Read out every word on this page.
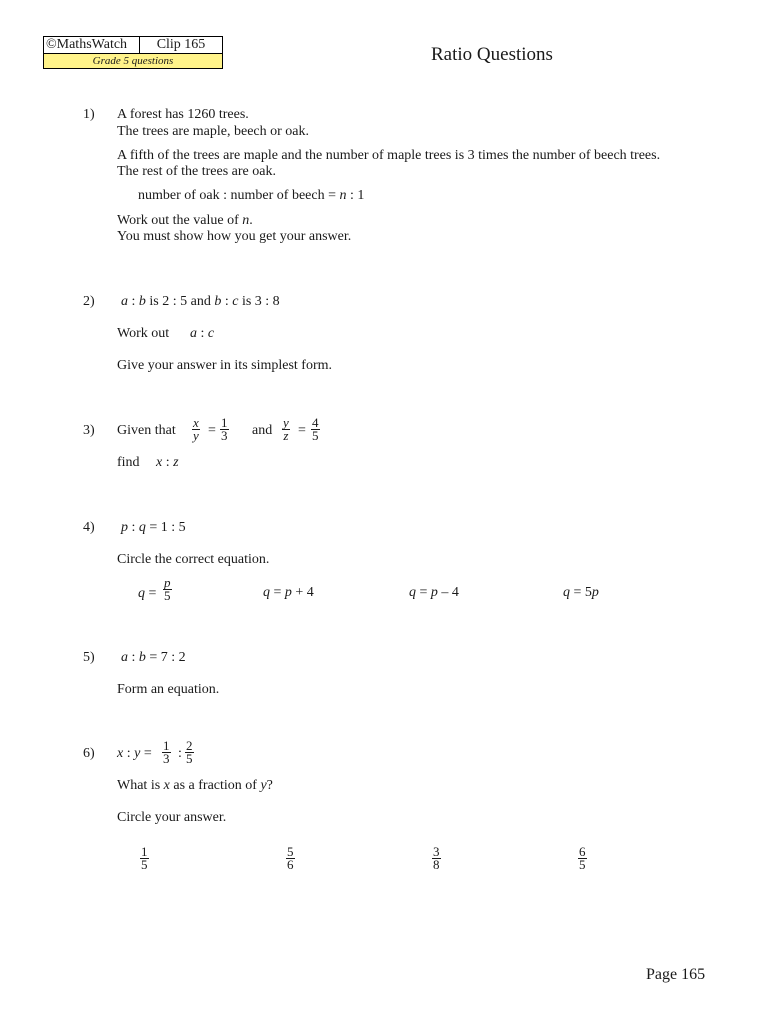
©MathsWatch	Clip 165
Grade 5 questions	Ratio Questions
1) A forest has 1260 trees.
The trees are maple, beech or oak.
A fifth of the trees are maple and the number of maple trees is 3 times the number of beech trees.
The rest of the trees are oak.
number of oak : number of beech = n : 1
Work out the value of n.
You must show how you get your answer.
2) a : b is 2 : 5 and b : c is 3 : 8
Work out a : c
Give your answer in its simplest form.
3) Given that $\frac{x}{y} = \frac{1}{3}$ and $\frac{y}{z} = \frac{4}{5}$
find x : z
4) p : q = 1 : 5
Circle the correct equation.
$q = \frac{p}{5}$	q = p + 4	q = p – 4	q = 5p
5) a : b = 7 : 2
Form an equation.
6) x : $y = \frac{1}{3}$ : $\frac{2}{5}$
What is x as a fraction of y?
Circle your answer.
$\frac{1}{5}$	$\frac{5}{6}$	$\frac{3}{8}$	$\frac{6}{5}$
Page 165
